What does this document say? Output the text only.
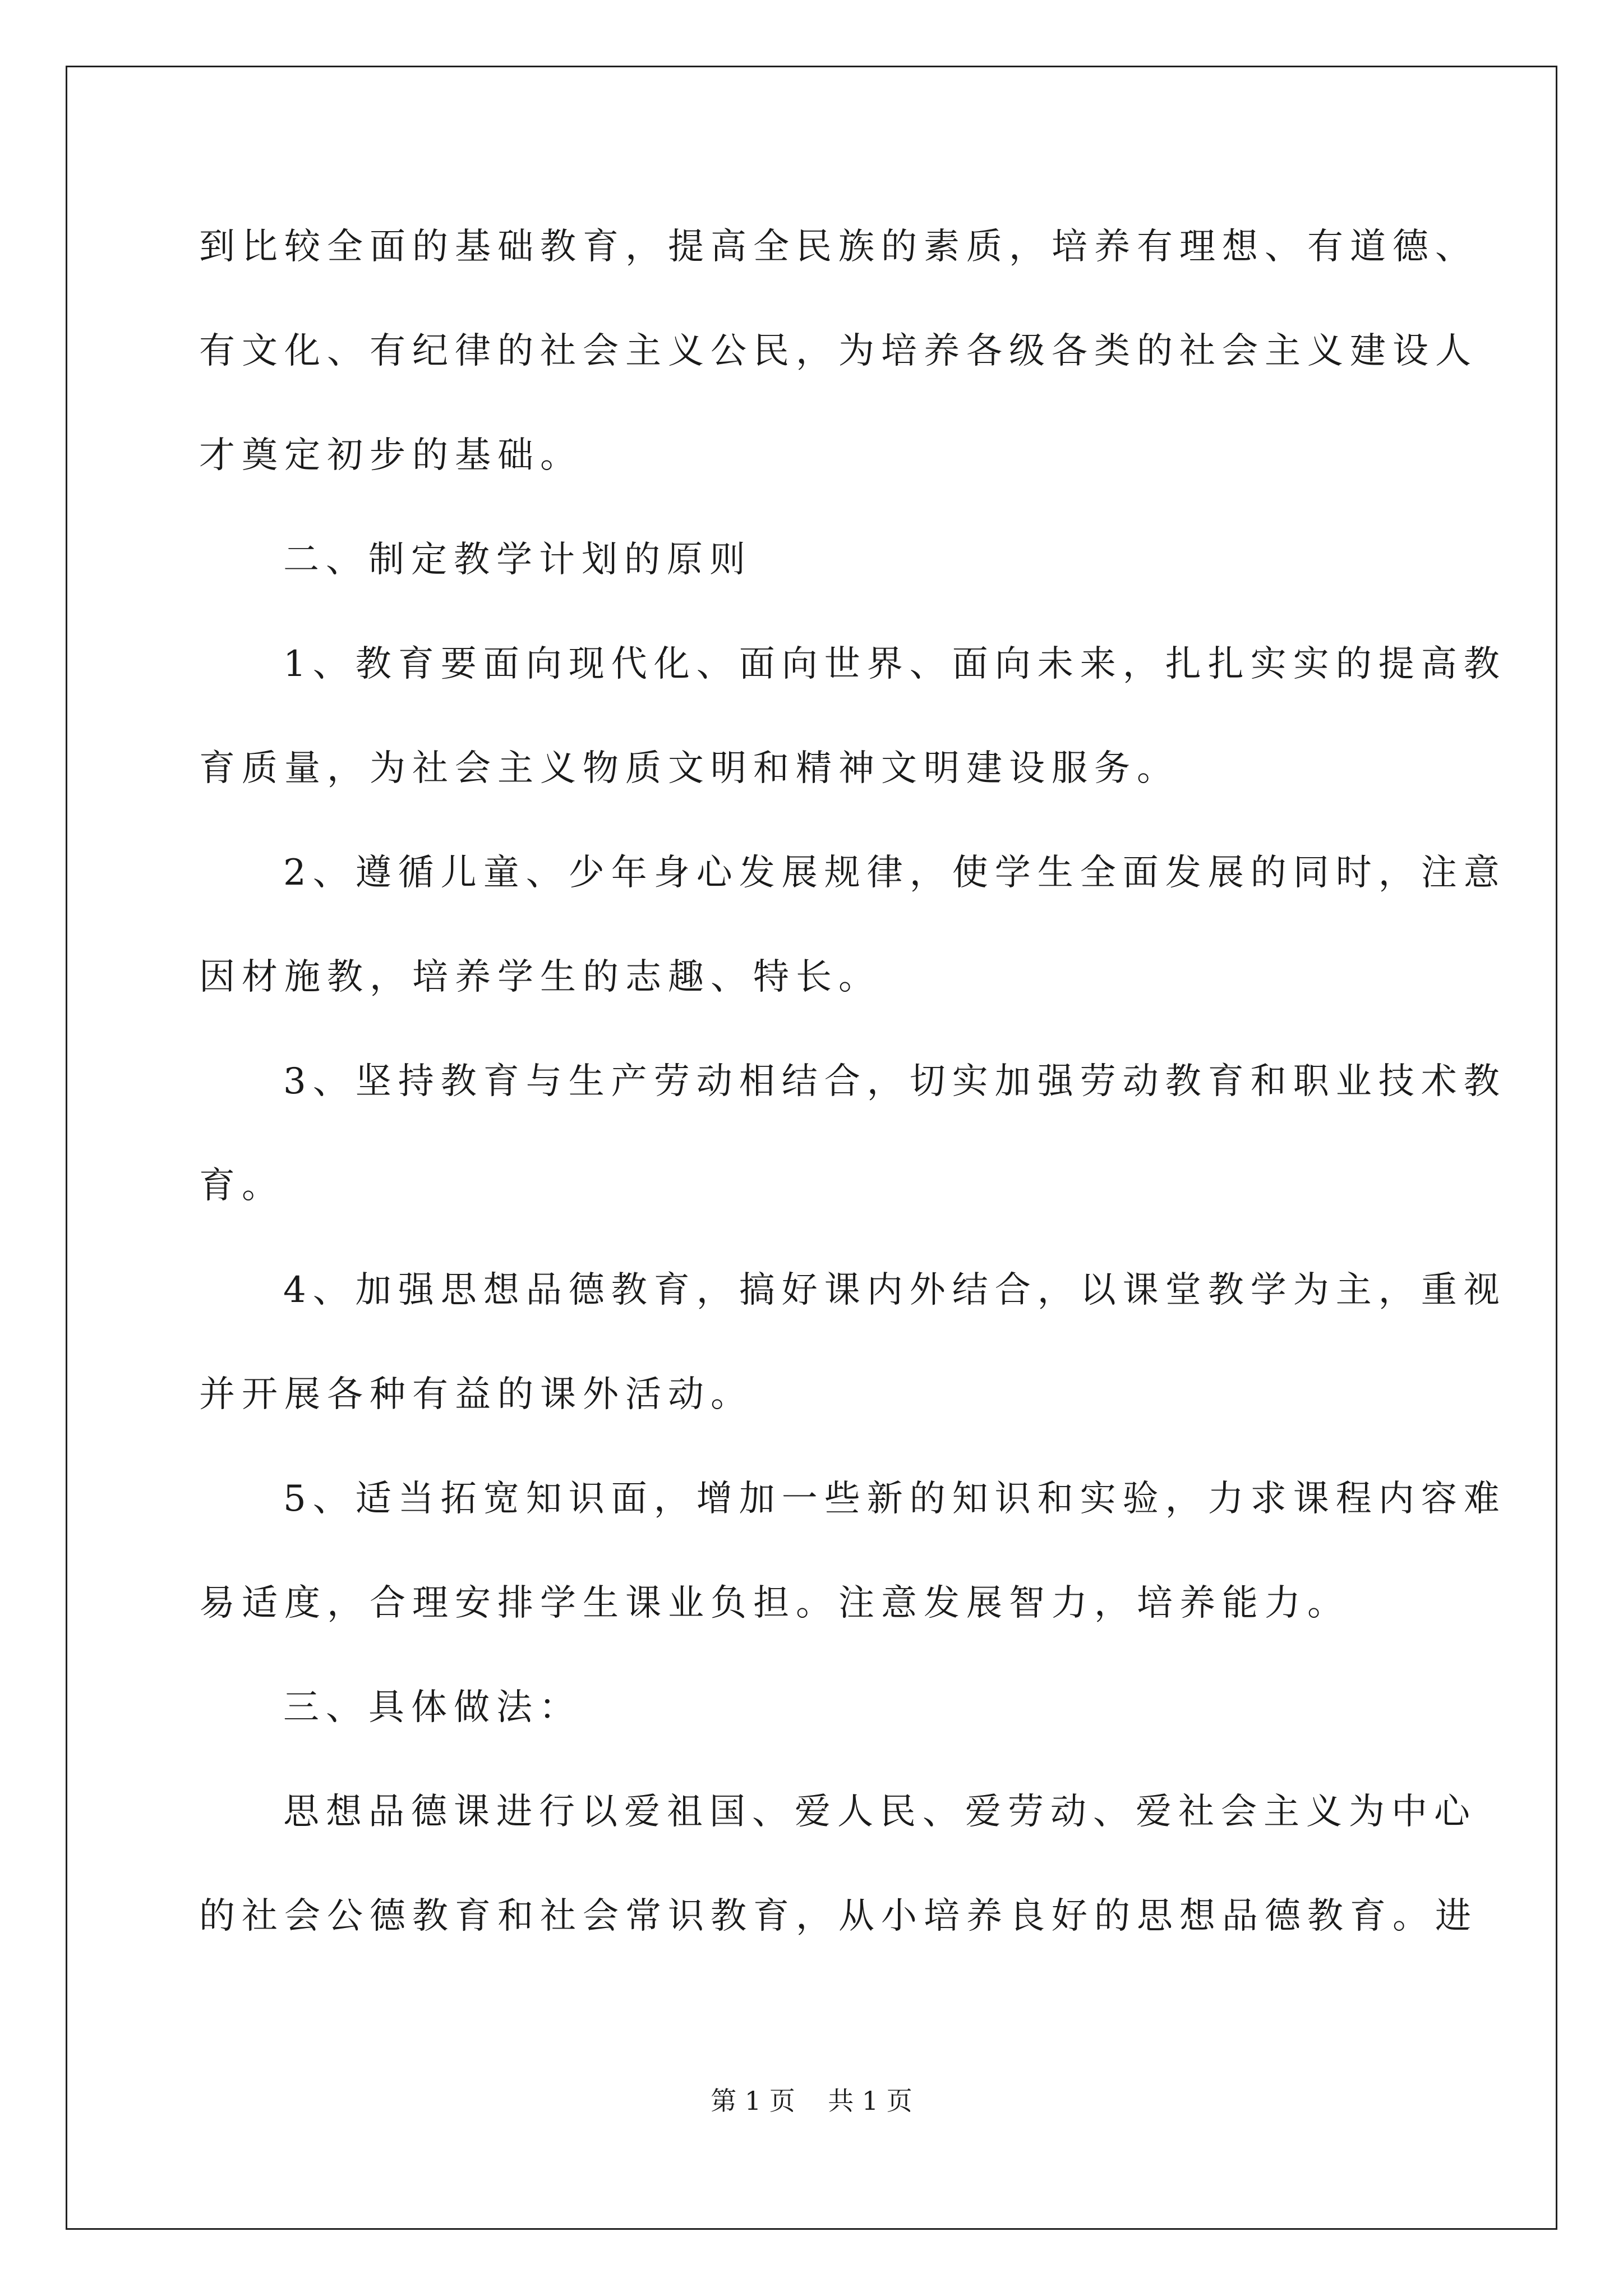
到比较全面的基础教育，提高全民族的素质，培养有理想、有道德、
有文化、有纪律的社会主义公民，为培养各级各类的社会主义建设人
才奠定初步的基础。
二、制定教学计划的原则
1、教育要面向现代化、面向世界、面向未来，扎扎实实的提高教
育质量，为社会主义物质文明和精神文明建设服务。
2、遵循儿童、少年身心发展规律，使学生全面发展的同时，注意
因材施教，培养学生的志趣、特长。
3、坚持教育与生产劳动相结合，切实加强劳动教育和职业技术教
育。
4、加强思想品德教育，搞好课内外结合，以课堂教学为主，重视
并开展各种有益的课外活动。
5、适当拓宽知识面，增加一些新的知识和实验，力求课程内容难
易适度，合理安排学生课业负担。注意发展智力，培养能力。
三、具体做法：
思想品德课进行以爱祖国、爱人民、爱劳动、爱社会主义为中心
的社会公德教育和社会常识教育，从小培养良好的思想品德教育。进
第 1 页    共 1 页
